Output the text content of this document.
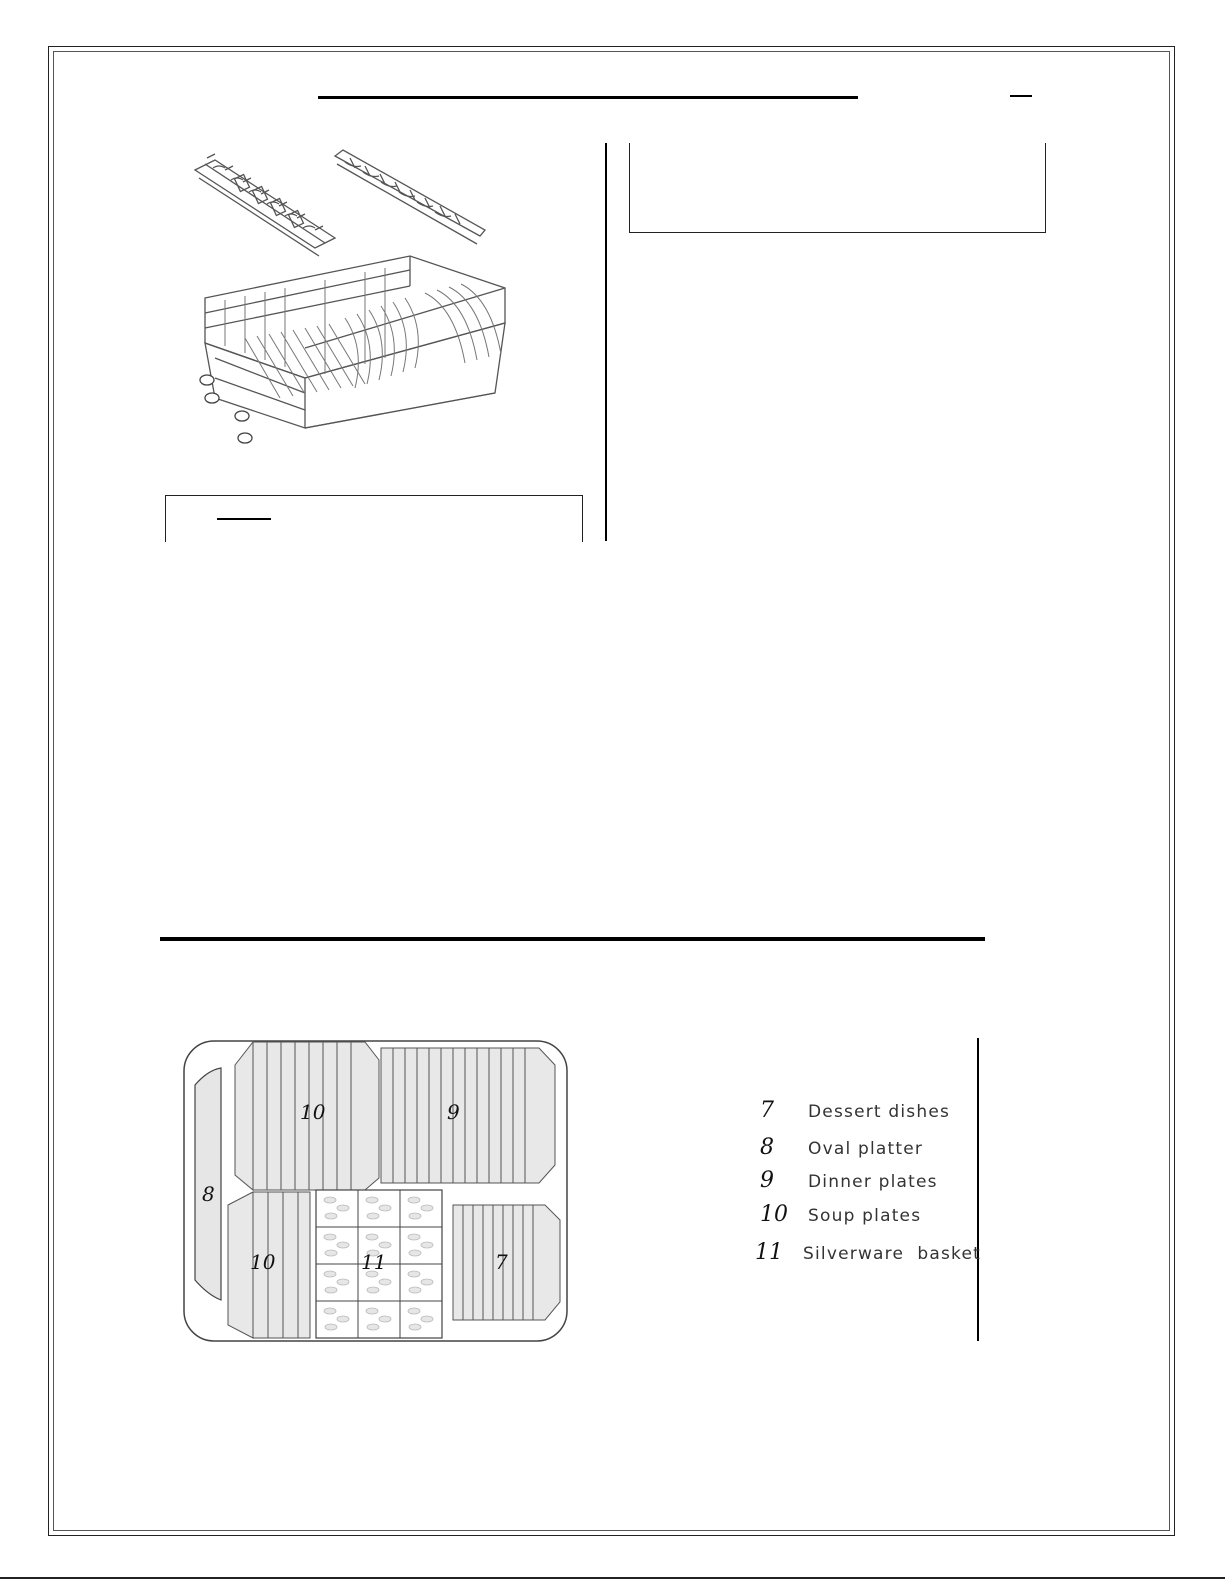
9
10
8
10	11	7
7	Dessert dishes
8	Oval platter
9	Dinner plates
10	Soup plates
11	Silverware  basket
